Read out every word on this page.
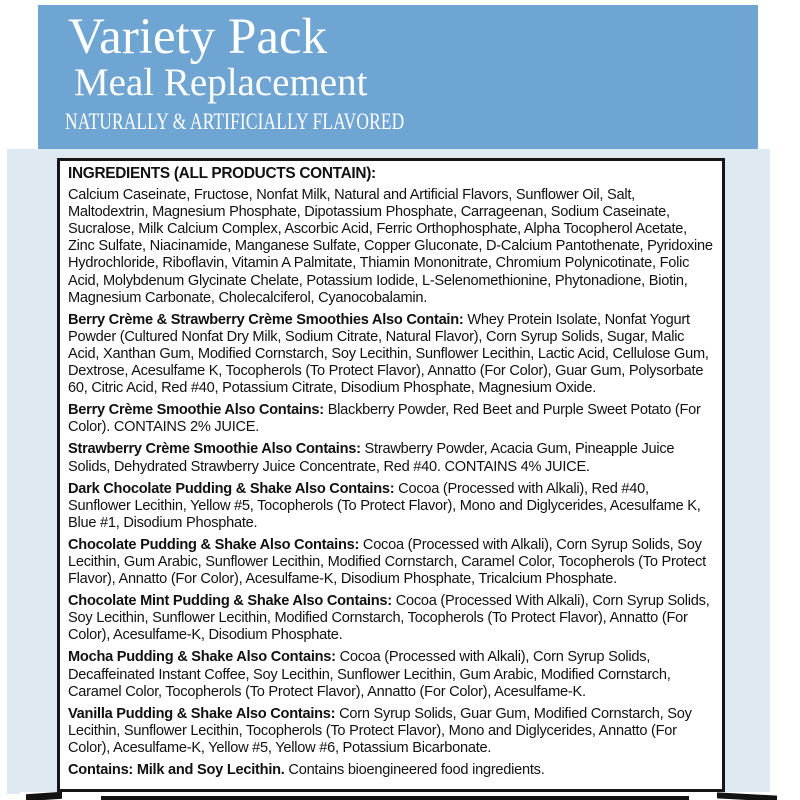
Variety Pack
Meal Replacement
NATURALLY & ARTIFICIALLY FLAVORED
INGREDIENTS (ALL PRODUCTS CONTAIN):

Calcium Caseinate, Fructose, Nonfat Milk, Natural and Artificial Flavors, Sunflower Oil, Salt, Maltodextrin, Magnesium Phosphate, Dipotassium Phosphate, Carrageenan, Sodium Caseinate, Sucralose, Milk Calcium Complex, Ascorbic Acid, Ferric Orthophosphate, Alpha Tocopherol Acetate, Zinc Sulfate, Niacinamide, Manganese Sulfate, Copper Gluconate, D-Calcium Pantothenate, Pyridoxine Hydrochloride, Riboflavin, Vitamin A Palmitate, Thiamin Mononitrate, Chromium Polynicotinate, Folic Acid, Molybdenum Glycinate Chelate, Potassium Iodide, L-Selenomethionine, Phytonadione, Biotin, Magnesium Carbonate, Cholecalciferol, Cyanocobalamin.

Berry Crème & Strawberry Crème Smoothies Also Contain: Whey Protein Isolate, Nonfat Yogurt Powder (Cultured Nonfat Dry Milk, Sodium Citrate, Natural Flavor), Corn Syrup Solids, Sugar, Malic Acid, Xanthan Gum, Modified Cornstarch, Soy Lecithin, Sunflower Lecithin, Lactic Acid, Cellulose Gum, Dextrose, Acesulfame K, Tocopherols (To Protect Flavor), Annatto (For Color), Guar Gum, Polysorbate 60, Citric Acid, Red #40, Potassium Citrate, Disodium Phosphate, Magnesium Oxide.

Berry Crème Smoothie Also Contains: Blackberry Powder, Red Beet and Purple Sweet Potato (For Color). CONTAINS 2% JUICE.

Strawberry Crème Smoothie Also Contains: Strawberry Powder, Acacia Gum, Pineapple Juice Solids, Dehydrated Strawberry Juice Concentrate, Red #40. CONTAINS 4% JUICE.

Dark Chocolate Pudding & Shake Also Contains: Cocoa (Processed with Alkali), Red #40, Sunflower Lecithin, Yellow #5, Tocopherols (To Protect Flavor), Mono and Diglycerides, Acesulfame K, Blue #1, Disodium Phosphate.

Chocolate Pudding & Shake Also Contains: Cocoa (Processed with Alkali), Corn Syrup Solids, Soy Lecithin, Gum Arabic, Sunflower Lecithin, Modified Cornstarch, Caramel Color, Tocopherols (To Protect Flavor), Annatto (For Color), Acesulfame-K, Disodium Phosphate, Tricalcium Phosphate.

Chocolate Mint Pudding & Shake Also Contains: Cocoa (Processed With Alkali), Corn Syrup Solids, Soy Lecithin, Sunflower Lecithin, Modified Cornstarch, Tocopherols (To Protect Flavor), Annatto (For Color), Acesulfame-K, Disodium Phosphate.

Mocha Pudding & Shake Also Contains: Cocoa (Processed with Alkali), Corn Syrup Solids, Decaffeinated Instant Coffee, Soy Lecithin, Sunflower Lecithin, Gum Arabic, Modified Cornstarch, Caramel Color, Tocopherols (To Protect Flavor), Annatto (For Color), Acesulfame-K.

Vanilla Pudding & Shake Also Contains: Corn Syrup Solids, Guar Gum, Modified Cornstarch, Soy Lecithin, Sunflower Lecithin, Tocopherols (To Protect Flavor), Mono and Diglycerides, Annatto (For Color), Acesulfame-K, Yellow #5, Yellow #6, Potassium Bicarbonate.

Contains: Milk and Soy Lecithin. Contains bioengineered food ingredients.
